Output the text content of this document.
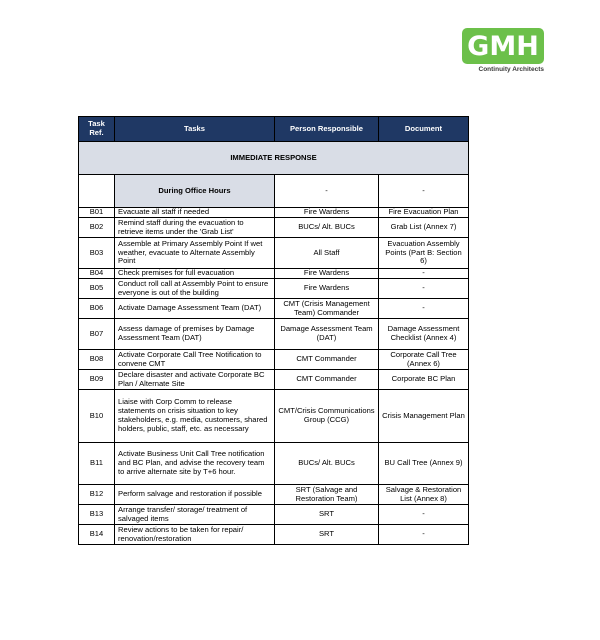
GMH
Continuity Architects
Task Ref.	Tasks	Person Responsible	Document
IMMEDIATE RESPONSE			
	During Office Hours	-	-
B01	Evacuate all staff if needed	Fire Wardens	Fire Evacuation Plan
B02	Remind staff during the evacuation to retrieve items under the 'Grab List'	BUCs/ Alt. BUCs	Grab List (Annex 7)
B03	Assemble at Primary Assembly Point If wet weather, evacuate to Alternate Assembly Point	All Staff	Evacuation Assembly Points (Part B: Section 6)
B04	Check premises for full evacuation	Fire Wardens	-
B05	Conduct roll call at Assembly Point to ensure everyone is out of the building	Fire Wardens	-
B06	Activate Damage Assessment Team (DAT)	CMT (Crisis Management Team) Commander	-
B07	Assess damage of premises by Damage Assessment Team (DAT)	Damage Assessment Team (DAT)	Damage Assessment Checklist (Annex 4)
B08	Activate Corporate Call Tree Notification to convene CMT	CMT Commander	Corporate Call Tree (Annex 6)
B09	Declare disaster and activate Corporate BC Plan / Alternate Site	CMT Commander	Corporate BC Plan
B10	Liaise with Corp Comm to release statements on crisis situation to key stakeholders, e.g. media, customers, shared holders, public, staff, etc. as necessary	CMT/Crisis Communications Group (CCG)	Crisis Management Plan
B11	Activate Business Unit Call Tree notification and BC Plan, and advise the recovery team to arrive alternate site by T+6 hour.	BUCs/ Alt. BUCs	BU Call Tree (Annex 9)
B12	Perform salvage and restoration if possible	SRT (Salvage and Restoration Team)	Salvage & Restoration List (Annex 8)
B13	Arrange transfer/ storage/ treatment of salvaged items	SRT	-
B14	Review actions to be taken for repair/ renovation/restoration	SRT	-
